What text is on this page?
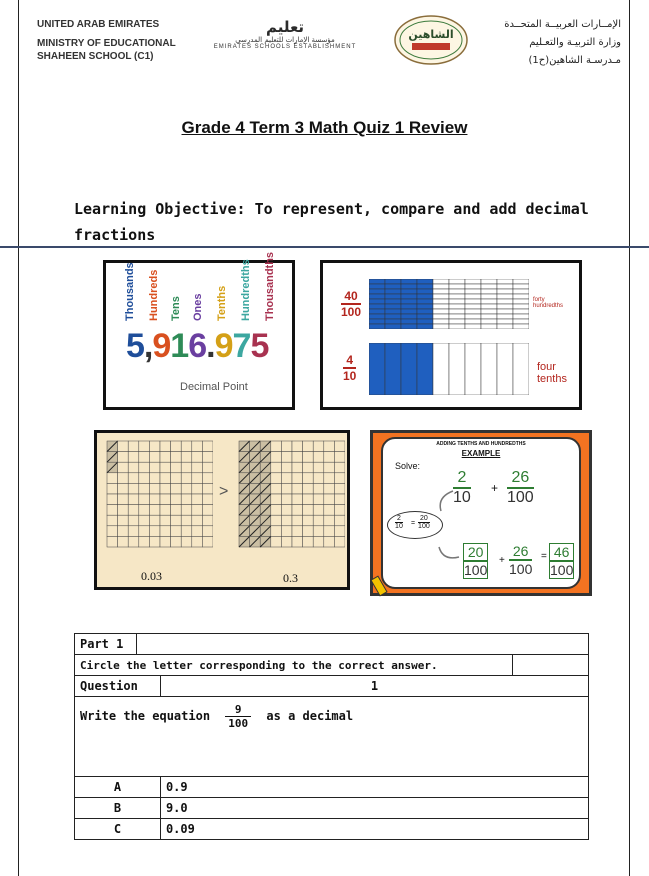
UNITED ARAB EMIRATES
MINISTRY OF EDUCATIONAL
SHAHEEN SCHOOL (C1)
تعليم
مؤسسة الإمارات للتعليم المدرسي
EMIRATES SCHOOLS ESTABLISHMENT
الشاهين
الإمــارات العربيــة المتحــدة
وزارة التربيـة والتعـليم
مـدرسـة الشاهين(ح1)
Grade 4 Term 3 Math Quiz 1 Review
Learning Objective: To represent, compare and add decimal fractions
Thousands Hundreds Tens Ones Tenths Hundredths Thousandths
5,916.975
Decimal Point
$\frac{40}{100}$	forty hundredths
$\frac{4}{10}$	four
tenths
>
0.03	0.3
ADDING TENTHS AND HUNDREDTHS
EXAMPLE
Solve:
$\frac{2}{10} + \frac{26}{100}$
$\frac{2}{10} = \frac{20}{100}$
$\frac{20}{100} + \frac{26}{100} = \frac{46}{100}$
Part 1			
Circle the letter corresponding to the correct answer.			
Question		1	
Write the equation $\frac{9}{100}$ as a decimal			
A		0.9	
B		9.0	
C		0.09	
